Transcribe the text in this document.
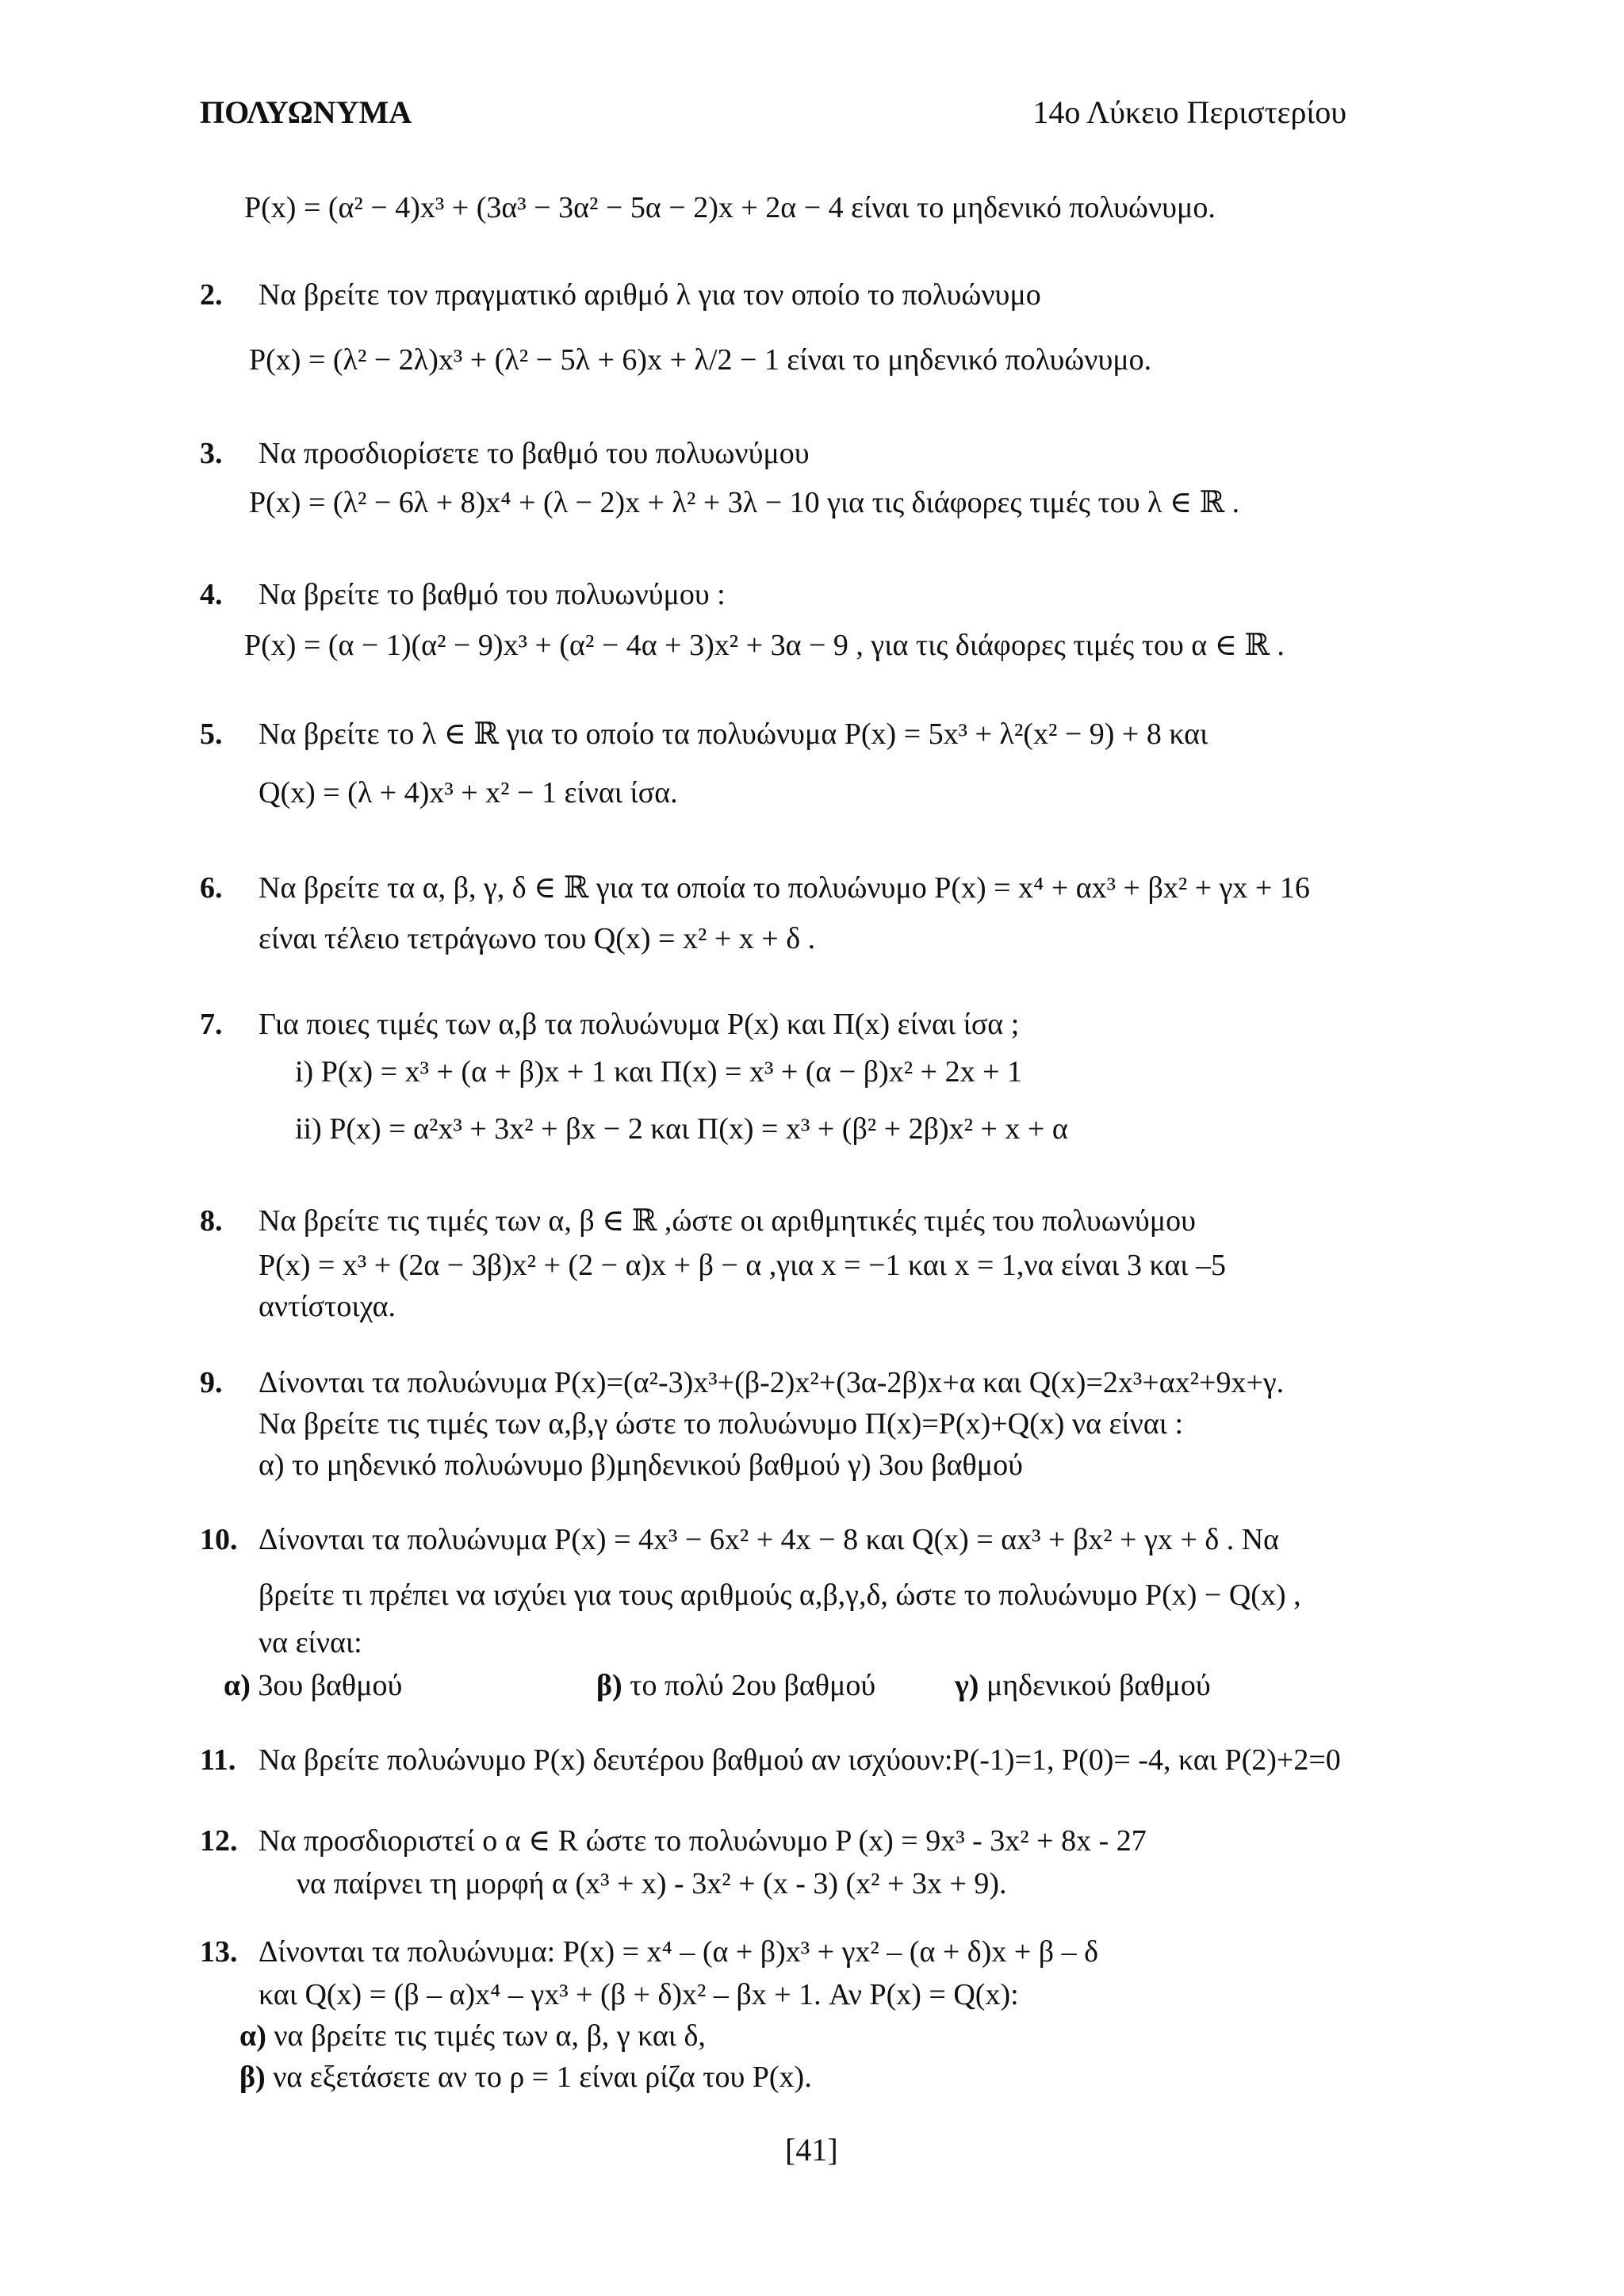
ΠΟΛΥΩΝΥΜΑ	14ο Λύκειο Περιστερίου
P(x) = (α² − 4)x³ + (3α³ − 3α² − 5α − 2)x + 2α − 4 είναι το μηδενικό πολυώνυμο.
2. Να βρείτε τον πραγματικό αριθμό λ για τον οποίο το πολυώνυμο
P(x) = (λ² − 2λ)x³ + (λ² − 5λ + 6)x + λ/2 − 1 είναι το μηδενικό πολυώνυμο.
3. Να προσδιορίσετε το βαθμό του πολυωνύμου
P(x) = (λ² − 6λ + 8)x⁴ + (λ − 2)x + λ² + 3λ − 10 για τις διάφορες τιμές του λ ∈ ℝ .
4. Να βρείτε το βαθμό του πολυωνύμου :
P(x) = (α − 1)(α² − 9)x³ + (α² − 4α + 3)x² + 3α − 9 , για τις διάφορες τιμές του α ∈ ℝ .
5. Να βρείτε το λ ∈ ℝ για το οποίο τα πολυώνυμα P(x) = 5x³ + λ²(x² − 9) + 8 και
Q(x) = (λ + 4)x³ + x² − 1 είναι ίσα.
6. Να βρείτε τα α, β, γ, δ ∈ ℝ για τα οποία το πολυώνυμο P(x) = x⁴ + αx³ + βx² + γx + 16
είναι τέλειο τετράγωνο του Q(x) = x² + x + δ .
7. Για ποιες τιμές των α,β τα πολυώνυμα P(x) και Π(x) είναι ίσα ;
i) P(x) = x³ + (α + β)x + 1 και Π(x) = x³ + (α − β)x² + 2x + 1
ii) P(x) = α²x³ + 3x² + βx − 2 και Π(x) = x³ + (β² + 2β)x² + x + α
8. Να βρείτε τις τιμές των α, β ∈ ℝ ,ώστε οι αριθμητικές τιμές του πολυωνύμου
P(x) = x³ + (2α − 3β)x² + (2 − α)x + β − α ,για x = −1 και x = 1,να είναι 3 και –5
αντίστοιχα.
9. Δίνονται τα πολυώνυμα P(x)=(α²-3)x³+(β-2)x²+(3α-2β)x+α και Q(x)=2x³+αx²+9x+γ.
Να βρείτε τις τιμές των α,β,γ ώστε το πολυώνυμο Π(x)=P(x)+Q(x) να είναι :
α) το μηδενικό πολυώνυμο β)μηδενικού βαθμού γ) 3ου βαθμού
10. Δίνονται τα πολυώνυμα P(x) = 4x³ − 6x² + 4x − 8 και Q(x) = αx³ + βx² + γx + δ . Να
βρείτε τι πρέπει να ισχύει για τους αριθμούς α,β,γ,δ, ώστε το πολυώνυμο P(x) − Q(x) ,
να είναι:
α) 3ου βαθμού	β) το πολύ 2ου βαθμού	γ) μηδενικού βαθμού
11. Να βρείτε πολυώνυμο P(x) δευτέρου βαθμού αν ισχύουν:P(-1)=1, P(0)= -4, και P(2)+2=0
12. Να προσδιοριστεί ο α ∈ R ώστε το πολυώνυμο P (x) = 9x³ - 3x² + 8x - 27
να παίρνει τη μορφή α (x³ + x) - 3x² + (x - 3) (x² + 3x + 9).
13. Δίνονται τα πολυώνυμα: P(x) = x⁴ – (α + β)x³ + γx² – (α + δ)x + β – δ
και Q(x) = (β – α)x⁴ – γx³ + (β + δ)x² – βx + 1. Αν P(x) = Q(x):
α) να βρείτε τις τιμές των α, β, γ και δ,
β) να εξετάσετε αν το ρ = 1 είναι ρίζα του P(x).
[41]
